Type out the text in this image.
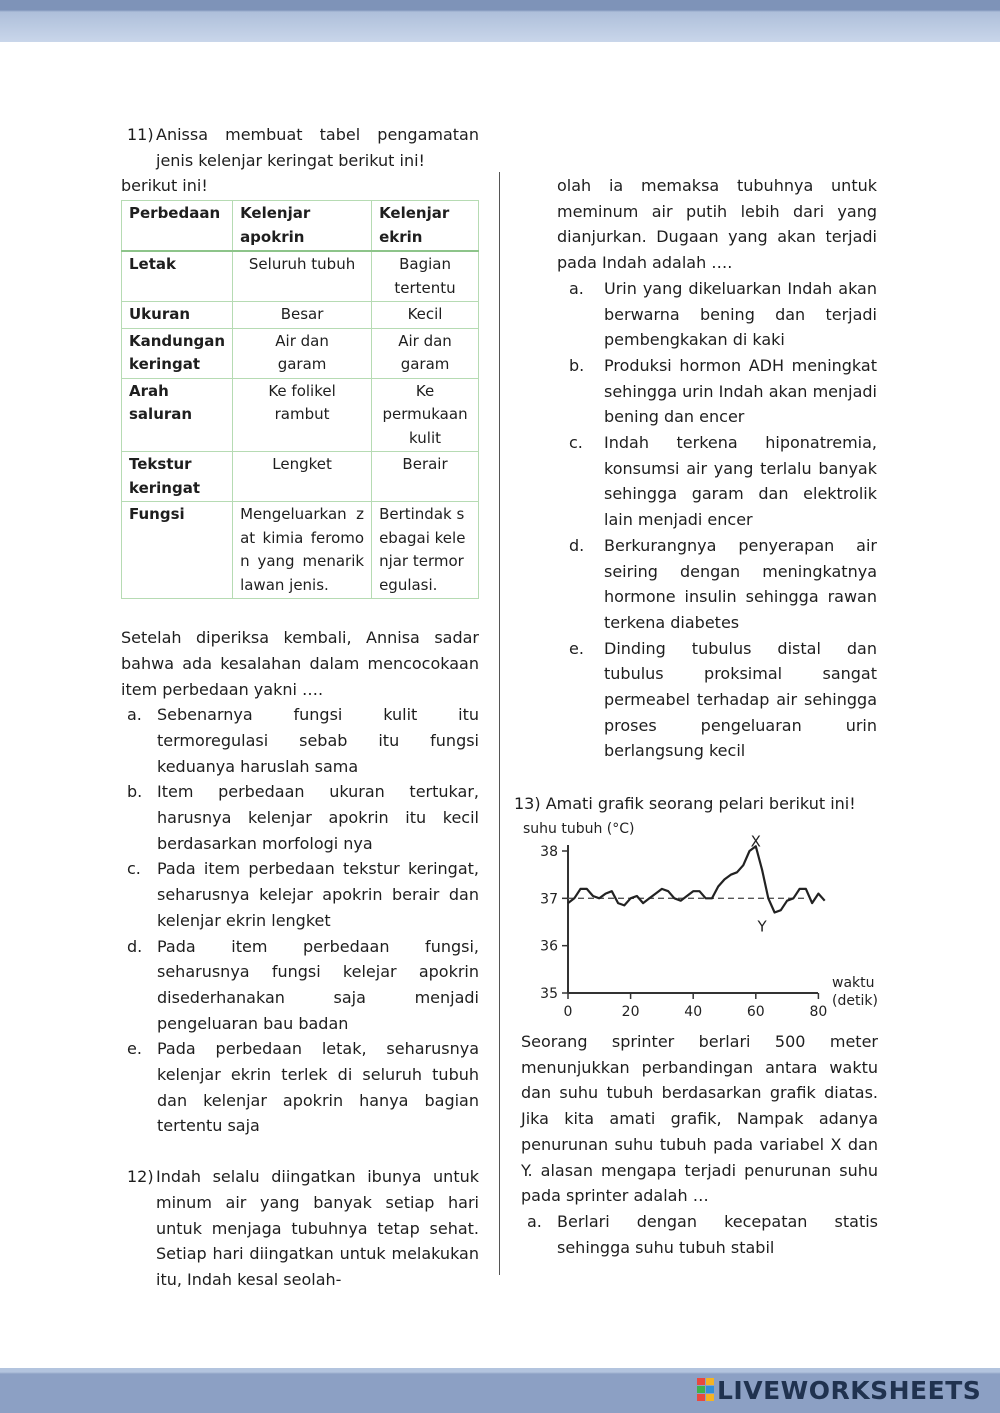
11) Anissa membuat tabel pengamatan
jenis kelenjar keringat berikut ini!
berikut ini!
Perbedaan	Kelenjar apokrin	Kelenjar ekrin
Letak	Seluruh tubuh	Bagian tertentu
Ukuran	Besar	Kecil
Kandungan keringat	Air dan garam	Air dan garam
Arah saluran	Ke folikel rambut	Ke permukaan kulit
Tekstur keringat	Lengket	Berair
Fungsi	Mengeluarkan zat kimia feromon yang menarik lawan jenis.	Bertindak sebagai kelenjar termoregulasi.
Setelah diperiksa kembali, Annisa sadar
bahwa ada kesalahan dalam mencocokaan
item perbedaan yakni ….
a. Sebenarnya fungsi kulit itu termoregulasi sebab itu fungsi keduanya haruslah sama
b. Item perbedaan ukuran tertukar, harusnya kelenjar apokrin itu kecil berdasarkan morfologi nya
c. Pada item perbedaan tekstur keringat, seharusnya kelejar apokrin berair dan kelenjar ekrin lengket
d. Pada item perbedaan fungsi, seharusnya fungsi kelejar apokrin disederhanakan saja menjadi pengeluaran bau badan
e. Pada perbedaan letak, seharusnya kelenjar ekrin terlek di seluruh tubuh dan kelenjar apokrin hanya bagian tertentu saja
12) Indah selalu diingatkan ibunya untuk minum air yang banyak setiap hari untuk menjaga tubuhnya tetap sehat. Setiap hari diingatkan untuk melakukan itu, Indah kesal seolah-
olah ia memaksa tubuhnya untuk meminum air putih lebih dari yang dianjurkan. Dugaan yang akan terjadi pada Indah adalah ….
a. Urin yang dikeluarkan Indah akan berwarna bening dan terjadi pembengkakan di kaki
b. Produksi hormon ADH meningkat sehingga urin Indah akan menjadi bening dan encer
c. Indah terkena hiponatremia, konsumsi air yang terlalu banyak sehingga garam dan elektrolik lain menjadi encer
d. Berkurangnya penyerapan air seiring dengan meningkatnya hormone insulin sehingga rawan terkena diabetes
e. Dinding tubulus distal dan tubulus proksimal sangat permeabel terhadap air sehingga proses pengeluaran urin berlangsung kecil
13) Amati grafik seorang pelari berikut ini!
38
37
36
35
0	20	40	60	80
suhu tubuh (°C)
waktu
(detik)
X
Y
Seorang sprinter berlari 500 meter menunjukkan perbandingan antara waktu dan suhu tubuh berdasarkan grafik diatas. Jika kita amati grafik, Nampak adanya penurunan suhu tubuh pada variabel X dan Y. alasan mengapa terjadi penurunan suhu pada sprinter adalah …
a. Berlari dengan kecepatan statis sehingga suhu tubuh stabil
LIVEWORKSHEETS
